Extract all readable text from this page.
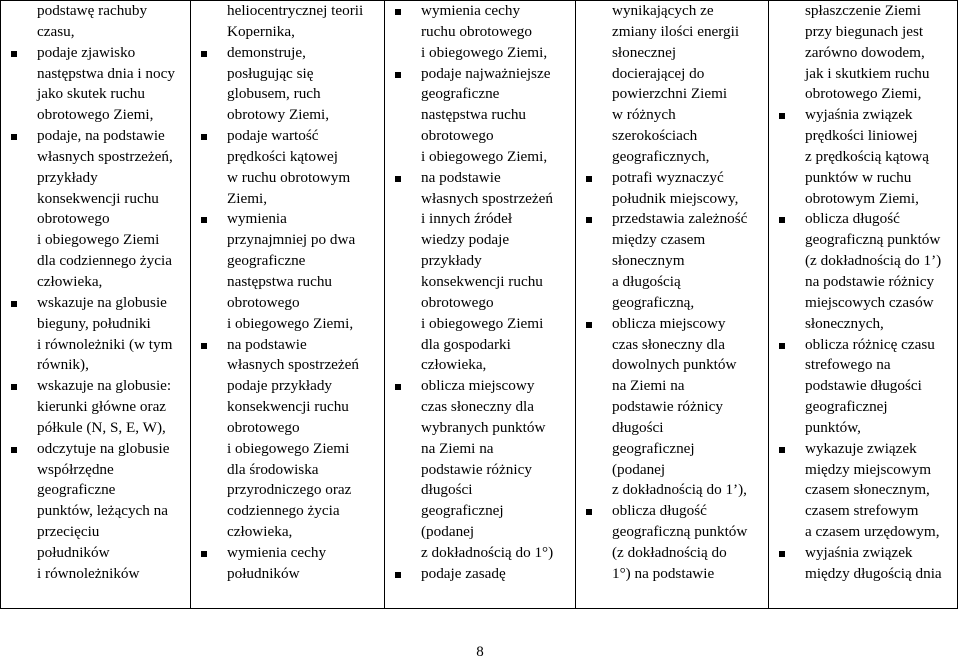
podstawę rachuby
czasu,
podaje zjawisko
następstwa dnia i nocy
jako skutek ruchu
obrotowego Ziemi,
podaje, na podstawie
własnych spostrzeżeń,
przykłady
konsekwencji ruchu
obrotowego
i obiegowego Ziemi
dla codziennego życia
człowieka,
wskazuje na globusie
bieguny, południki
i równoleżniki (w tym
równik),
wskazuje na globusie:
kierunki główne oraz
półkule (N, S, E, W),
odczytuje na globusie
współrzędne
geograficzne
punktów, leżących na
przecięciu
południków
i równoleżników
heliocentrycznej teorii
Kopernika,
demonstruje,
posługując się
globusem, ruch
obrotowy Ziemi,
podaje wartość
prędkości kątowej
w ruchu obrotowym
Ziemi,
wymienia
przynajmniej po dwa
geograficzne
następstwa ruchu
obrotowego
i obiegowego Ziemi,
na podstawie
własnych spostrzeżeń
podaje przykłady
konsekwencji ruchu
obrotowego
i obiegowego Ziemi
dla środowiska
przyrodniczego oraz
codziennego życia
człowieka,
wymienia cechy
południków
wymienia cechy
ruchu obrotowego
i obiegowego Ziemi,
podaje najważniejsze
geograficzne
następstwa ruchu
obrotowego
i obiegowego Ziemi,
na podstawie
własnych spostrzeżeń
i innych źródeł
wiedzy podaje
przykłady
konsekwencji ruchu
obrotowego
i obiegowego Ziemi
dla gospodarki
człowieka,
oblicza miejscowy
czas słoneczny dla
wybranych punktów
na Ziemi na
podstawie różnicy
długości
geograficznej
(podanej
z dokładnością do 1°)
podaje zasadę
wynikających ze
zmiany ilości energii
słonecznej
docierającej do
powierzchni Ziemi
w różnych
szerokościach
geograficznych,
potrafi wyznaczyć
południk miejscowy,
przedstawia zależność
między czasem
słonecznym
a długością
geograficzną,
oblicza miejscowy
czas słoneczny dla
dowolnych punktów
na Ziemi na
podstawie różnicy
długości
geograficznej
(podanej
z dokładnością do 1’),
oblicza długość
geograficzną punktów
(z dokładnością do
1°) na podstawie
spłaszczenie Ziemi
przy biegunach jest
zarówno dowodem,
jak i skutkiem ruchu
obrotowego Ziemi,
wyjaśnia związek
prędkości liniowej
z prędkością kątową
punktów w ruchu
obrotowym Ziemi,
oblicza długość
geograficzną punktów
(z dokładnością do 1’)
na podstawie różnicy
miejscowych czasów
słonecznych,
oblicza różnicę czasu
strefowego na
podstawie długości
geograficznej
punktów,
wykazuje związek
między miejscowym
czasem słonecznym,
czasem strefowym
a czasem urzędowym,
wyjaśnia związek
między długością dnia
8
